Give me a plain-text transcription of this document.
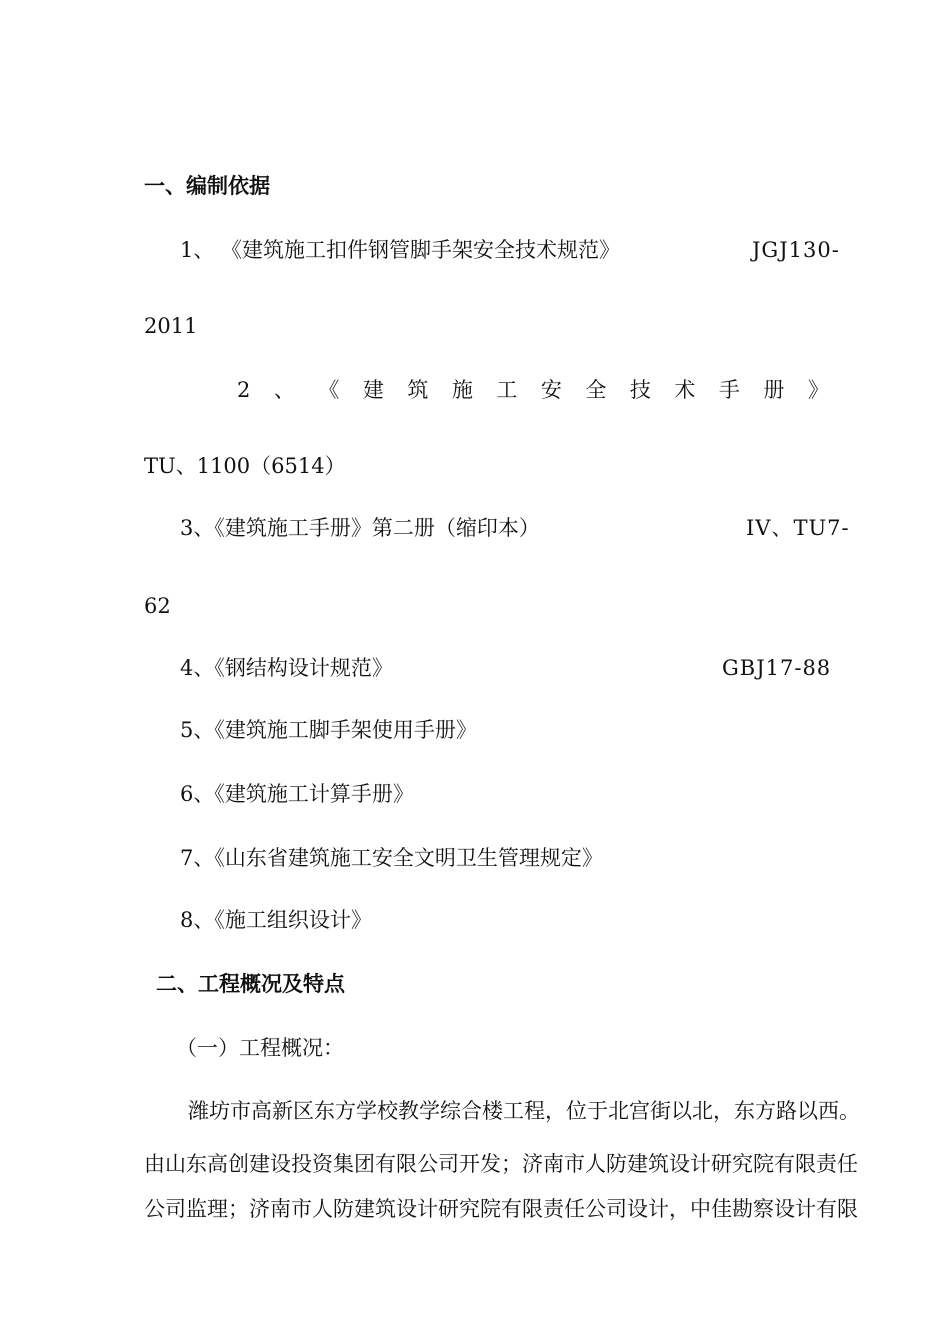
一、编制依据
1、 《建筑施工扣件钢管脚手架安全技术规范》	JGJ130-
2011
2 、 《 建 筑 施 工 安 全 技 术 手 册 》
TU、1100（6514）
3、《建筑施工手册》第二册（缩印本）	IV、TU7-
62
4、《钢结构设计规范》	GBJ17-88
5、《建筑施工脚手架使用手册》
6、《建筑施工计算手册》
7、《山东省建筑施工安全文明卫生管理规定》
8、《施工组织设计》
二、工程概况及特点
（一）工程概况：
潍坊市高新区东方学校教学综合楼工程，位于北宫街以北，东方路以西。
由山东高创建设投资集团有限公司开发；济南市人防建筑设计研究院有限责任
公司监理；济南市人防建筑设计研究院有限责任公司设计，中佳勘察设计有限
